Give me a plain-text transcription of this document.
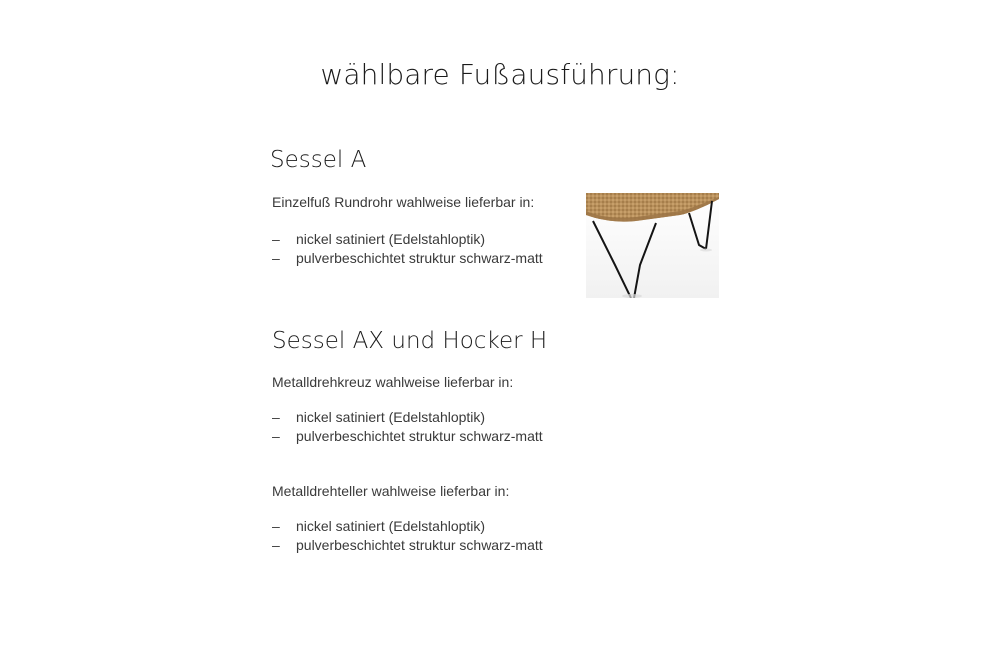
wählbare Fußausführung:
Sessel A
Einzelfuß Rundrohr wahlweise lieferbar in:
– nickel satiniert (Edelstahloptik)
– pulverbeschichtet struktur schwarz-matt
Sessel AX und Hocker H
Metalldrehkreuz wahlweise lieferbar in:
– nickel satiniert (Edelstahloptik)
– pulverbeschichtet struktur schwarz-matt
Metalldrehteller wahlweise lieferbar in:
– nickel satiniert (Edelstahloptik)
– pulverbeschichtet struktur schwarz-matt
